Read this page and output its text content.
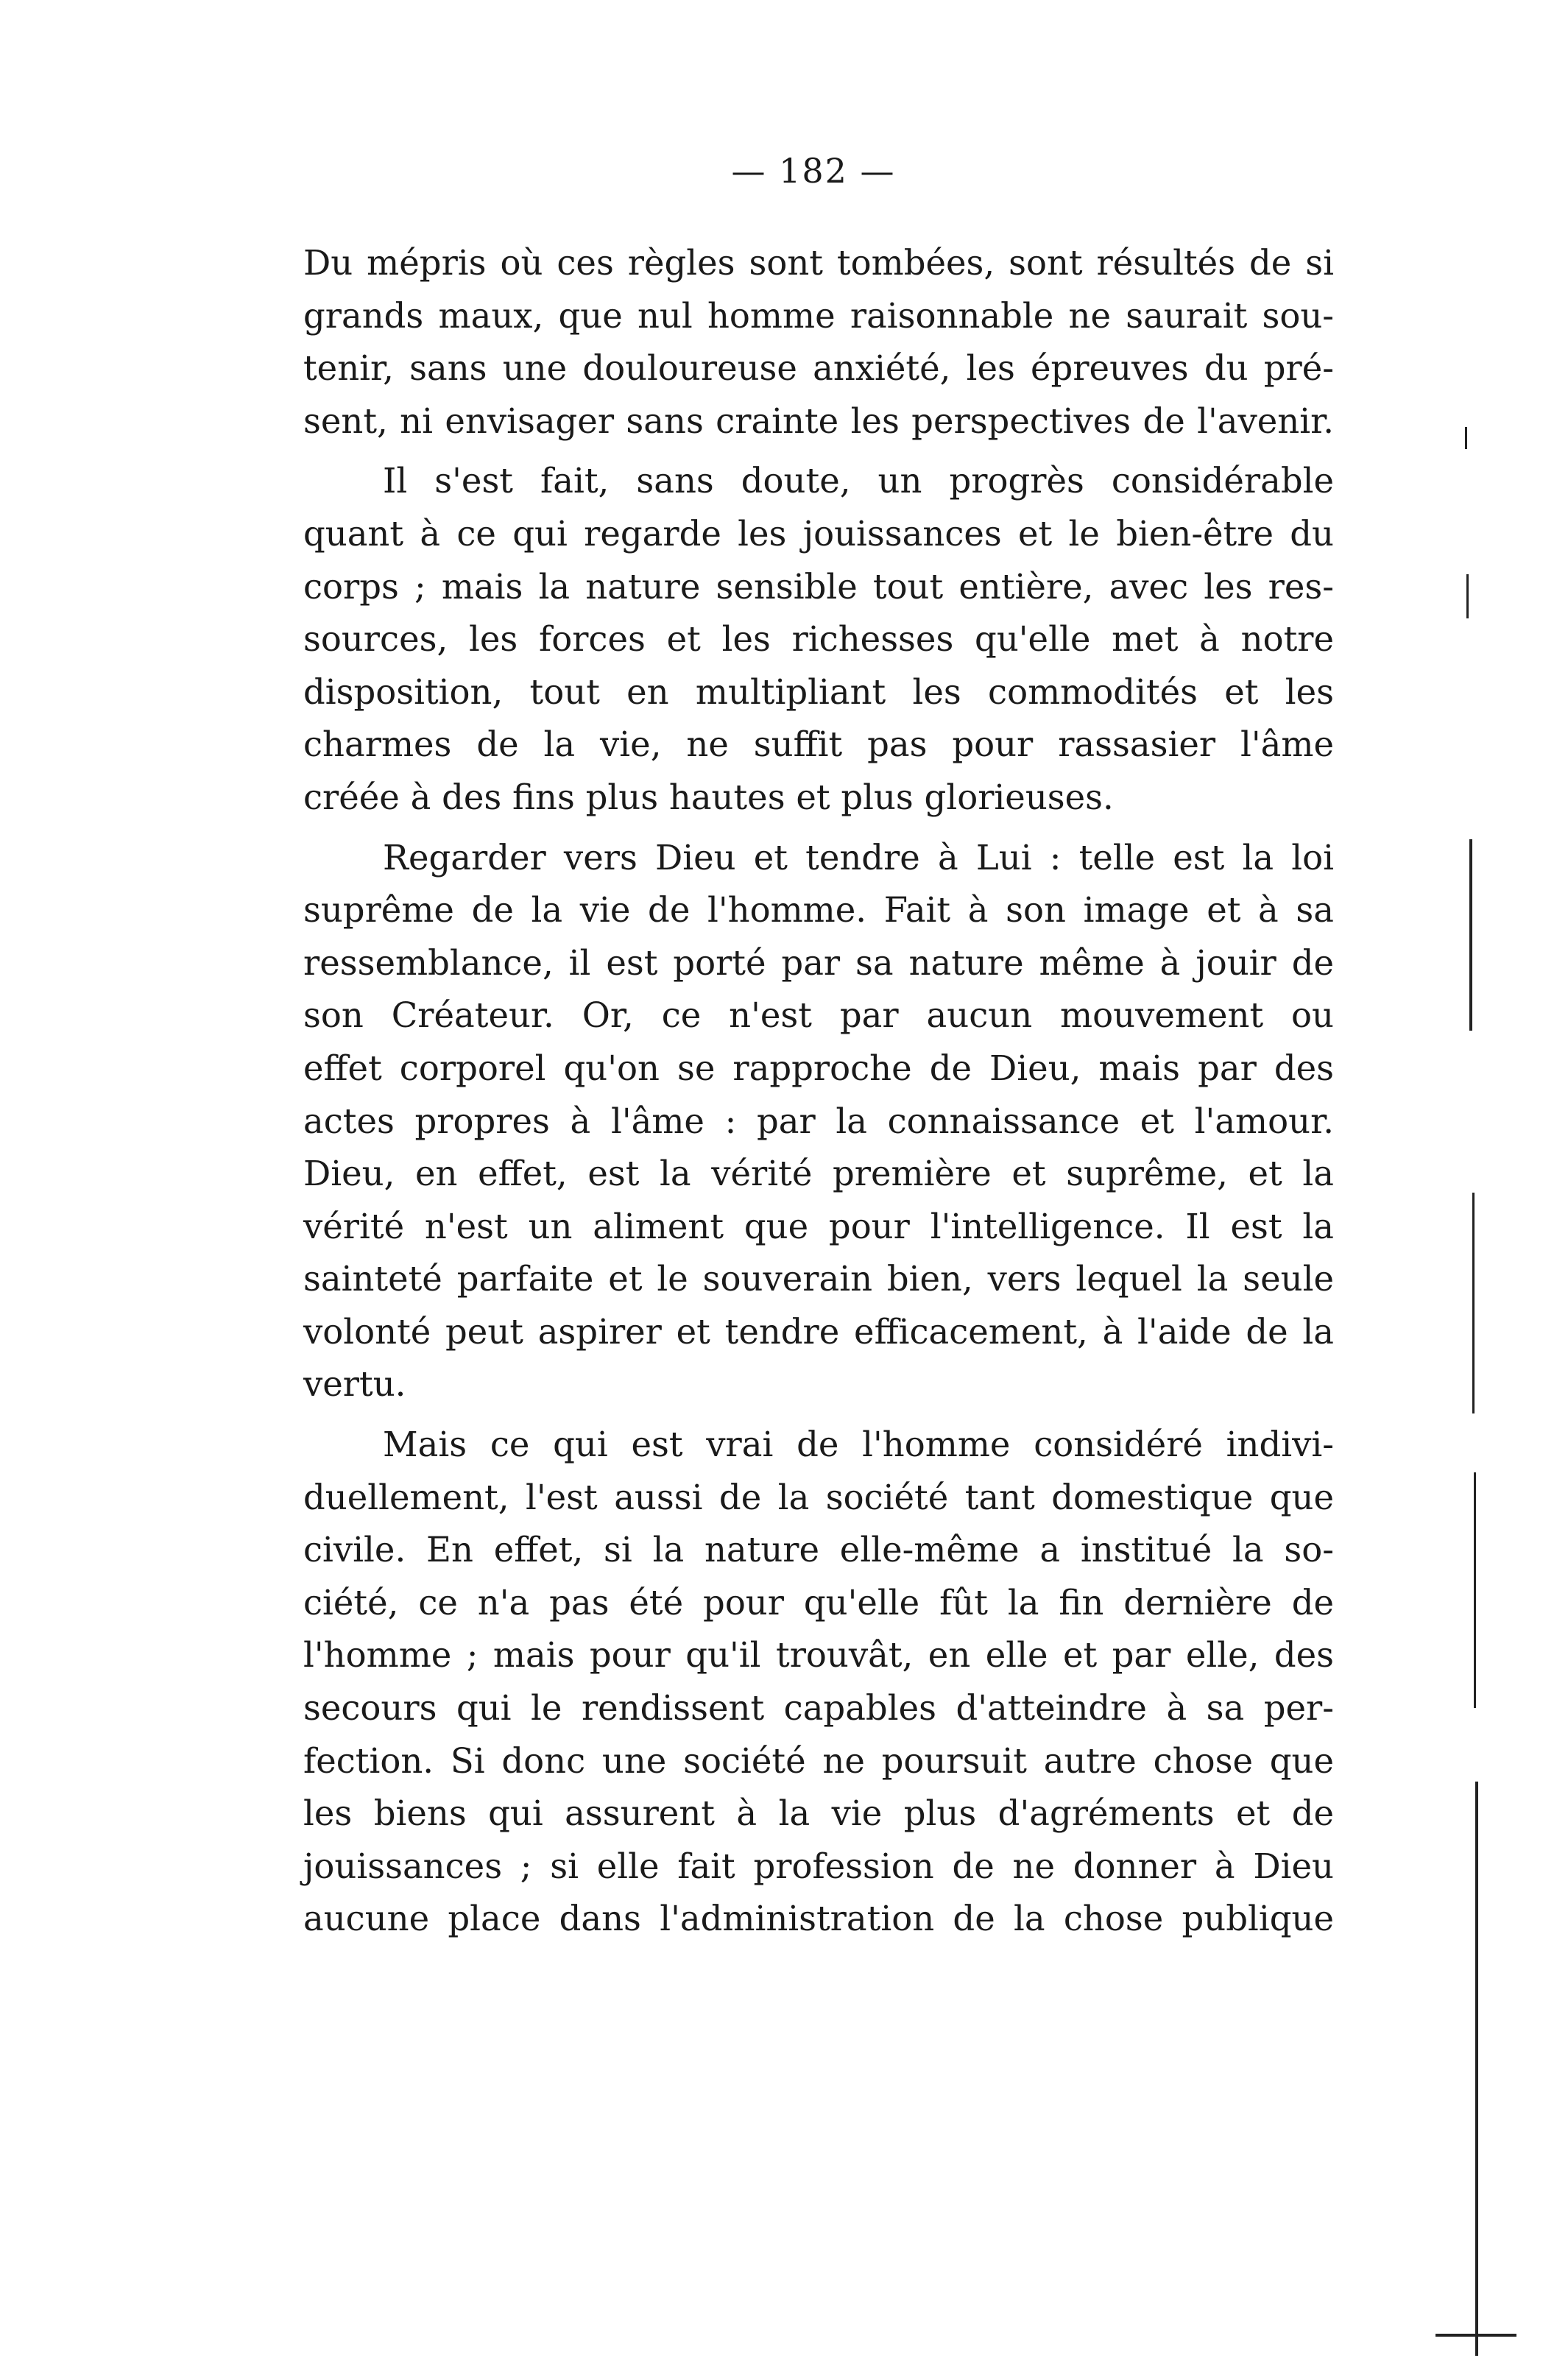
— 182 —

Du mépris où ces règles sont tombées, sont résultés de si
grands maux, que nul homme raisonnable ne saurait sou-
tenir, sans une douloureuse anxiété, les épreuves du pré-
sent, ni envisager sans crainte les perspectives de l'avenir.

Il s'est fait, sans doute, un progrès considérable
quant à ce qui regarde les jouissances et le bien-être du
corps ; mais la nature sensible tout entière, avec les res-
sources, les forces et les richesses qu'elle met à notre
disposition, tout en multipliant les commodités et les
charmes de la vie, ne suffit pas pour rassasier l'âme
créée à des fins plus hautes et plus glorieuses.

Regarder vers Dieu et tendre à Lui : telle est la loi
suprême de la vie de l'homme. Fait à son image et à sa
ressemblance, il est porté par sa nature même à jouir de
son Créateur. Or, ce n'est par aucun mouvement ou
effet corporel qu'on se rapproche de Dieu, mais par des
actes propres à l'âme : par la connaissance et l'amour.
Dieu, en effet, est la vérité première et suprême, et la
vérité n'est un aliment que pour l'intelligence. Il est la
sainteté parfaite et le souverain bien, vers lequel la seule
volonté peut aspirer et tendre efficacement, à l'aide de la
vertu.

Mais ce qui est vrai de l'homme considéré indivi-
duellement, l'est aussi de la société tant domestique que
civile. En effet, si la nature elle-même a institué la so-
ciété, ce n'a pas été pour qu'elle fût la fin dernière de
l'homme ; mais pour qu'il trouvât, en elle et par elle, des
secours qui le rendissent capables d'atteindre à sa per-
fection. Si donc une société ne poursuit autre chose que
les biens qui assurent à la vie plus d'agréments et de
jouissances ; si elle fait profession de ne donner à Dieu
aucune place dans l'administration de la chose publique
